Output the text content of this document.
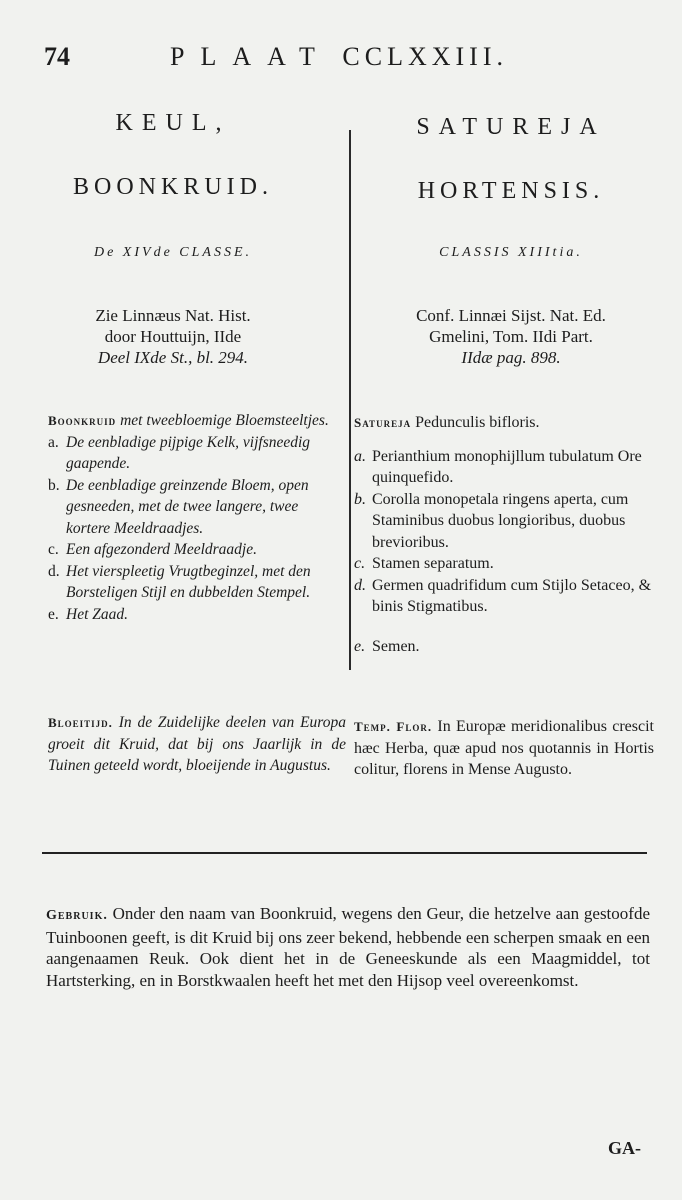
74	PLAAT CCLXXIII.
KEUL,
BOONKRUID.
De XIVde CLASSE.
Zie Linnæus Nat. Hist.
door Houttuijn, IIde
Deel IXde St., bl. 294.
SATUREJA
HORTENSIS.
CLASSIS XIIItia.
Conf. Linnæi Sijst. Nat. Ed.
Gmelini, Tom. IIdi Part.
IIdæ pag. 898.
Boonkruid met tweebloemige Bloemsteeltjes.
a. De eenbladige pijpige Kelk, vijfsneedig gaapende.
b. De eenbladige greinzende Bloem, open gesneeden, met de twee langere, twee kortere Meeldraadjes.
c. Een afgezonderd Meeldraadje.
d. Het vierspleetig Vrugtbeginzel, met den Borsteligen Stijl en dubbelden Stempel.
e. Het Zaad.
Bloeitijd. In de Zuidelijke deelen van Europa groeit dit Kruid, dat bij ons Jaarlijk in de Tuinen geteeld wordt, bloeijende in Augustus.
Satureja Pedunculis bifloris.
a. Perianthium monophijllum tubulatum Ore quinquefido.
b. Corolla monopetala ringens aperta, cum Staminibus duobus longioribus, duobus brevioribus.
c. Stamen separatum.
d. Germen quadrifidum cum Stijlo Setaceo, & binis Stigmatibus.
e. Semen.
Temp. Flor. In Europæ meridionalibus crescit hæc Herba, quæ apud nos quotannis in Hortis colitur, florens in Mense Augusto.
Gebruik. Onder den naam van Boonkruid, wegens den Geur, die hetzelve aan gestoofde Tuinboonen geeft, is dit Kruid bij ons zeer bekend, hebbende een scherpen smaak en een aangenaamen Reuk. Ook dient het in de Geneeskunde als een Maagmiddel, tot Hartsterking, en in Borstkwaalen heeft het met den Hijsop veel overeenkomst.
GA-
